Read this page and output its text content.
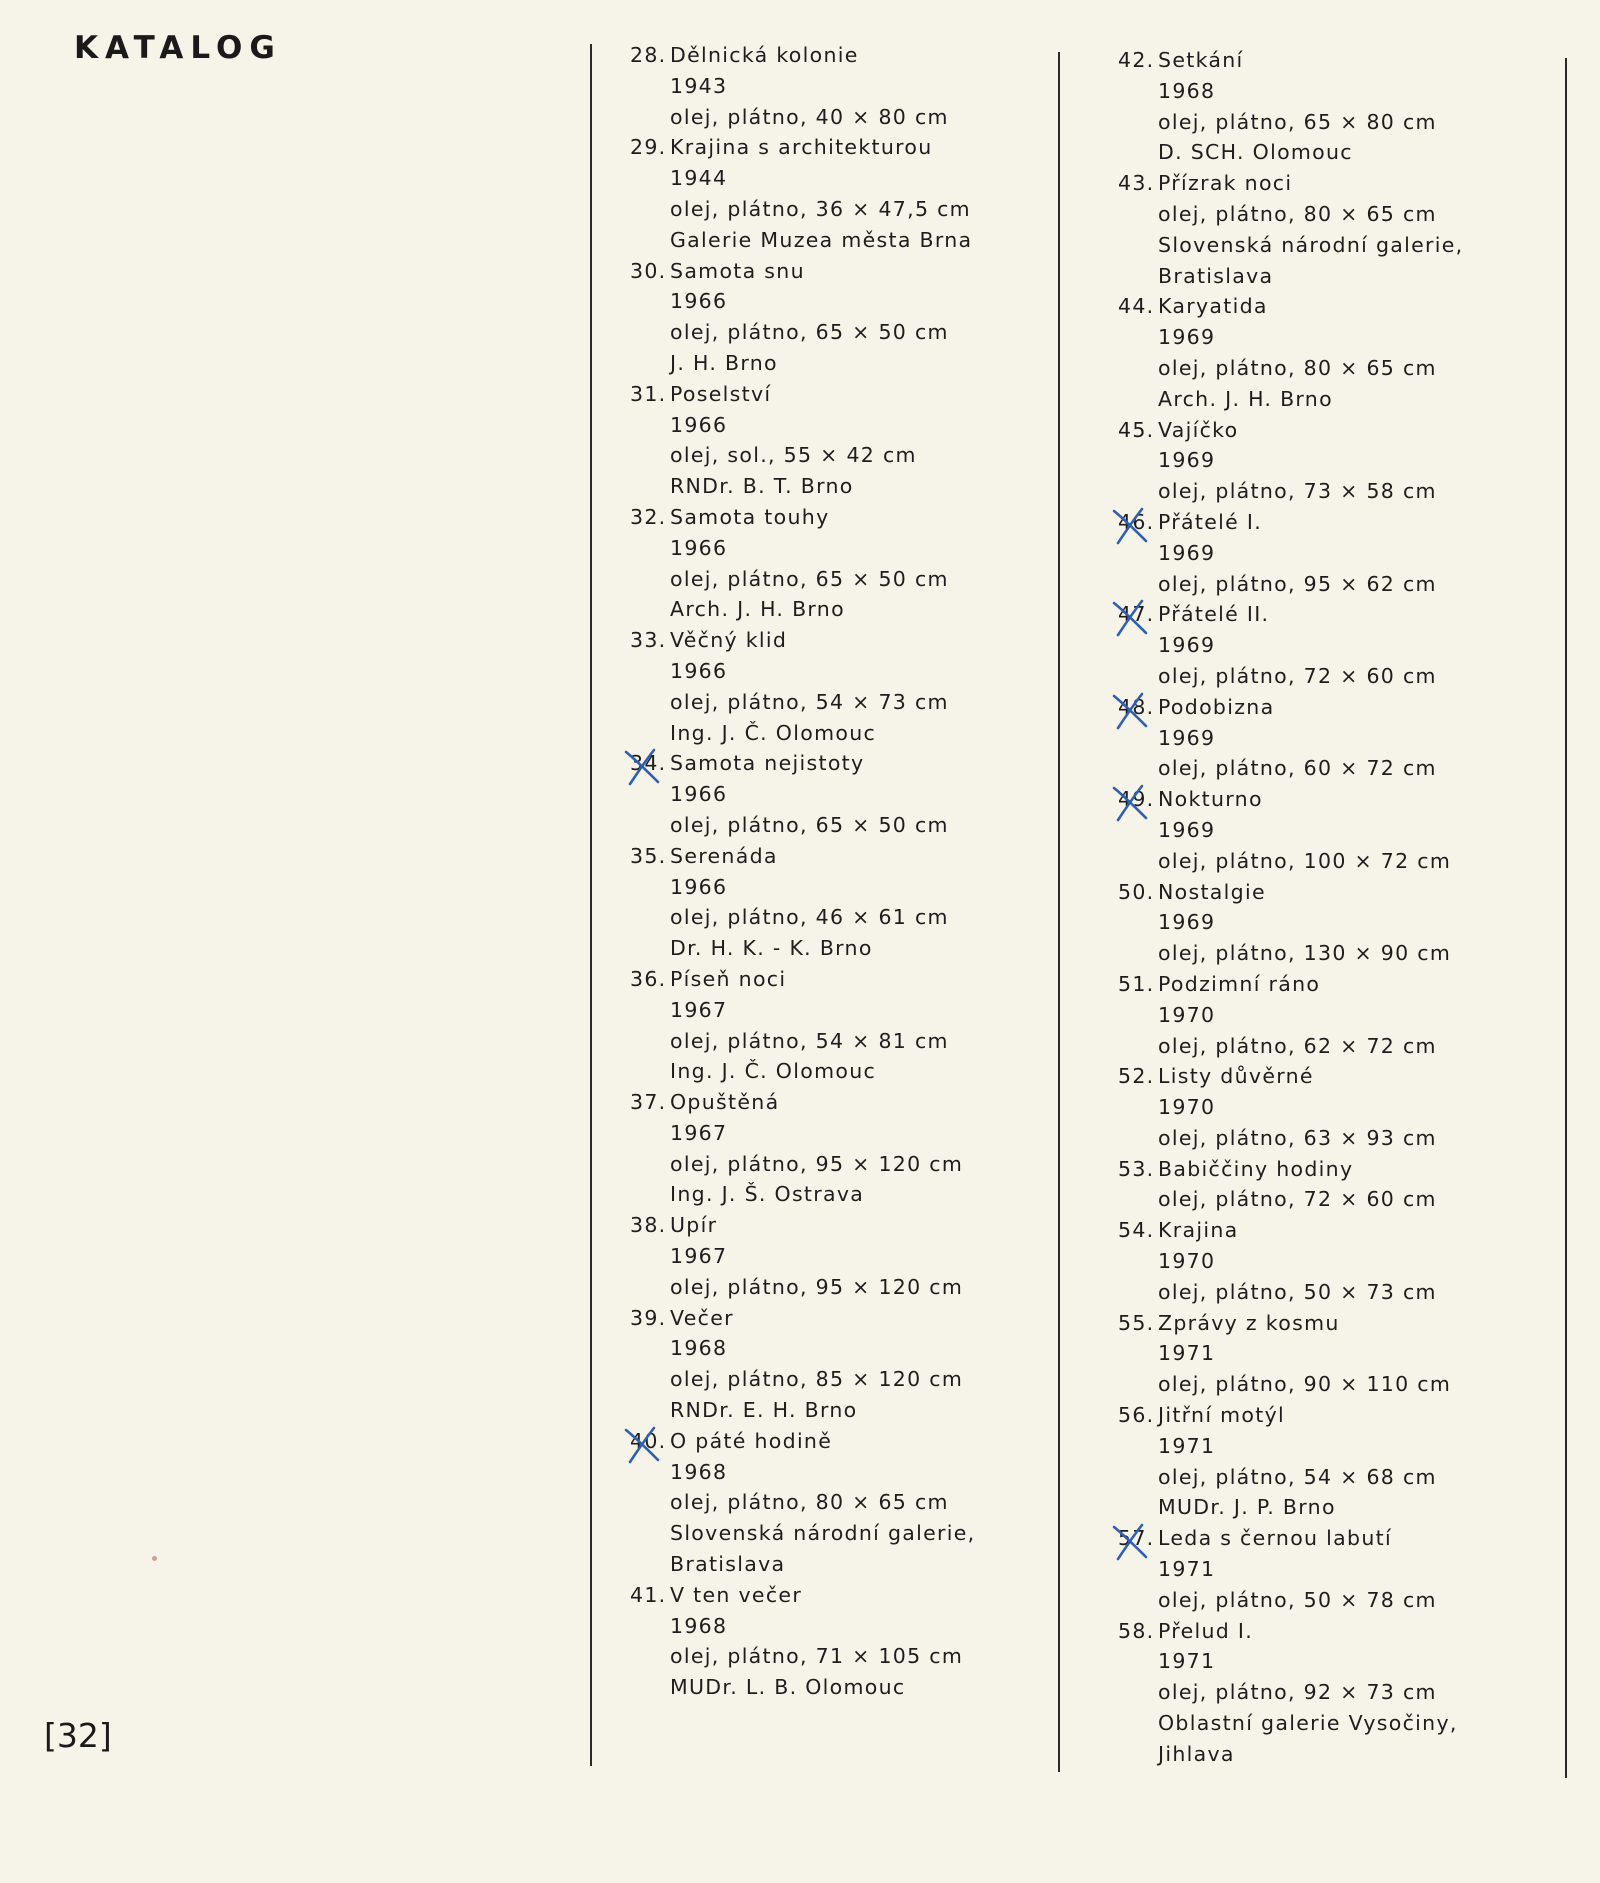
KATALOG
[32]
28. Dělnická kolonie
1943
olej, plátno, 40 × 80 cm
29. Krajina s architekturou
1944
olej, plátno, 36 × 47,5 cm
Galerie Muzea města Brna
30. Samota snu
1966
olej, plátno, 65 × 50 cm
J. H. Brno
31. Poselství
1966
olej, sol., 55 × 42 cm
RNDr. B. T. Brno
32. Samota touhy
1966
olej, plátno, 65 × 50 cm
Arch. J. H. Brno
33. Věčný klid
1966
olej, plátno, 54 × 73 cm
Ing. J. Č. Olomouc
34. Samota nejistoty
1966
olej, plátno, 65 × 50 cm
35. Serenáda
1966
olej, plátno, 46 × 61 cm
Dr. H. K. - K. Brno
36. Píseň noci
1967
olej, plátno, 54 × 81 cm
Ing. J. Č. Olomouc
37. Opuštěná
1967
olej, plátno, 95 × 120 cm
Ing. J. Š. Ostrava
38. Upír
1967
olej, plátno, 95 × 120 cm
39. Večer
1968
olej, plátno, 85 × 120 cm
RNDr. E. H. Brno
40. O páté hodině
1968
olej, plátno, 80 × 65 cm
Slovenská národní galerie,
Bratislava
41. V ten večer
1968
olej, plátno, 71 × 105 cm
MUDr. L. B. Olomouc
42. Setkání
1968
olej, plátno, 65 × 80 cm
D. SCH. Olomouc
43. Přízrak noci
olej, plátno, 80 × 65 cm
Slovenská národní galerie,
Bratislava
44. Karyatida
1969
olej, plátno, 80 × 65 cm
Arch. J. H. Brno
45. Vajíčko
1969
olej, plátno, 73 × 58 cm
46. Přátelé I.
1969
olej, plátno, 95 × 62 cm
47. Přátelé II.
1969
olej, plátno, 72 × 60 cm
48. Podobizna
1969
olej, plátno, 60 × 72 cm
49. Nokturno
1969
olej, plátno, 100 × 72 cm
50. Nostalgie
1969
olej, plátno, 130 × 90 cm
51. Podzimní ráno
1970
olej, plátno, 62 × 72 cm
52. Listy důvěrné
1970
olej, plátno, 63 × 93 cm
53. Babiččiny hodiny
olej, plátno, 72 × 60 cm
54. Krajina
1970
olej, plátno, 50 × 73 cm
55. Zprávy z kosmu
1971
olej, plátno, 90 × 110 cm
56. Jitřní motýl
1971
olej, plátno, 54 × 68 cm
MUDr. J. P. Brno
57. Leda s černou labutí
1971
olej, plátno, 50 × 78 cm
58. Přelud I.
1971
olej, plátno, 92 × 73 cm
Oblastní galerie Vysočiny,
Jihlava
